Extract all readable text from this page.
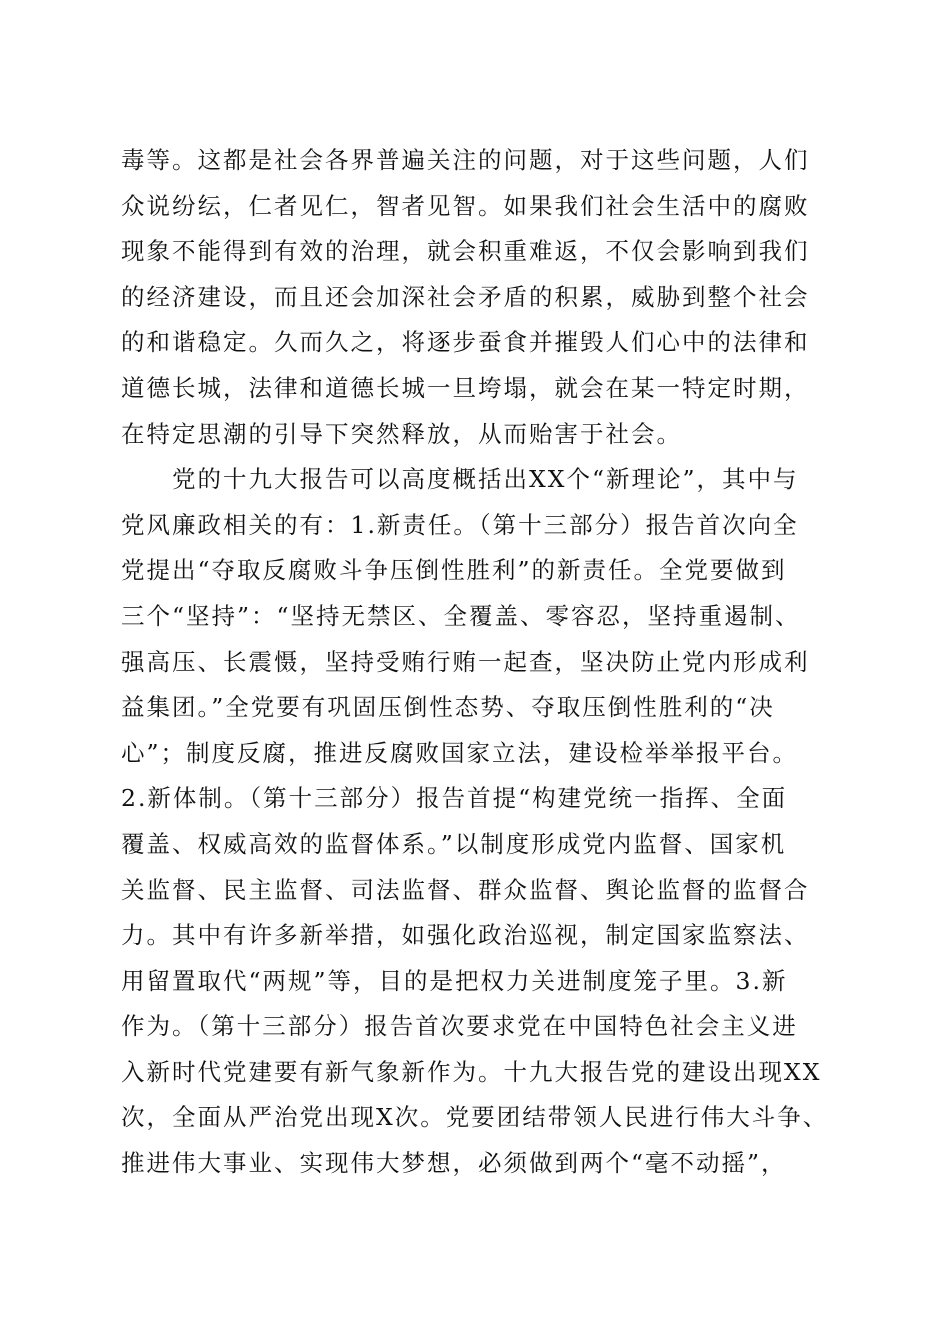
毒等。这都是社会各界普遍关注的问题，对于这些问题，人们
众说纷纭，仁者见仁，智者见智。如果我们社会生活中的腐败
现象不能得到有效的治理，就会积重难返，不仅会影响到我们
的经济建设，而且还会加深社会矛盾的积累，威胁到整个社会
的和谐稳定。久而久之，将逐步蚕食并摧毁人们心中的法律和
道德长城，法律和道德长城一旦垮塌，就会在某一特定时期，
在特定思潮的引导下突然释放，从而贻害于社会。
　　党的十九大报告可以高度概括出XX个“新理论”，其中与
党风廉政相关的有：1.新责任。（第十三部分）报告首次向全
党提出“夺取反腐败斗争压倒性胜利”的新责任。全党要做到
三个“坚持”：“坚持无禁区、全覆盖、零容忍，坚持重遏制、
强高压、长震慑，坚持受贿行贿一起查，坚决防止党内形成利
益集团。”全党要有巩固压倒性态势、夺取压倒性胜利的“决
心”；制度反腐，推进反腐败国家立法，建设检举举报平台。
2.新体制。（第十三部分）报告首提“构建党统一指挥、全面
覆盖、权威高效的监督体系。”以制度形成党内监督、国家机
关监督、民主监督、司法监督、群众监督、舆论监督的监督合
力。其中有许多新举措，如强化政治巡视，制定国家监察法、
用留置取代“两规”等，目的是把权力关进制度笼子里。3.新
作为。（第十三部分）报告首次要求党在中国特色社会主义进
入新时代党建要有新气象新作为。十九大报告党的建设出现XX
次，全面从严治党出现X次。党要团结带领人民进行伟大斗争、
推进伟大事业、实现伟大梦想，必须做到两个“毫不动摇”，
